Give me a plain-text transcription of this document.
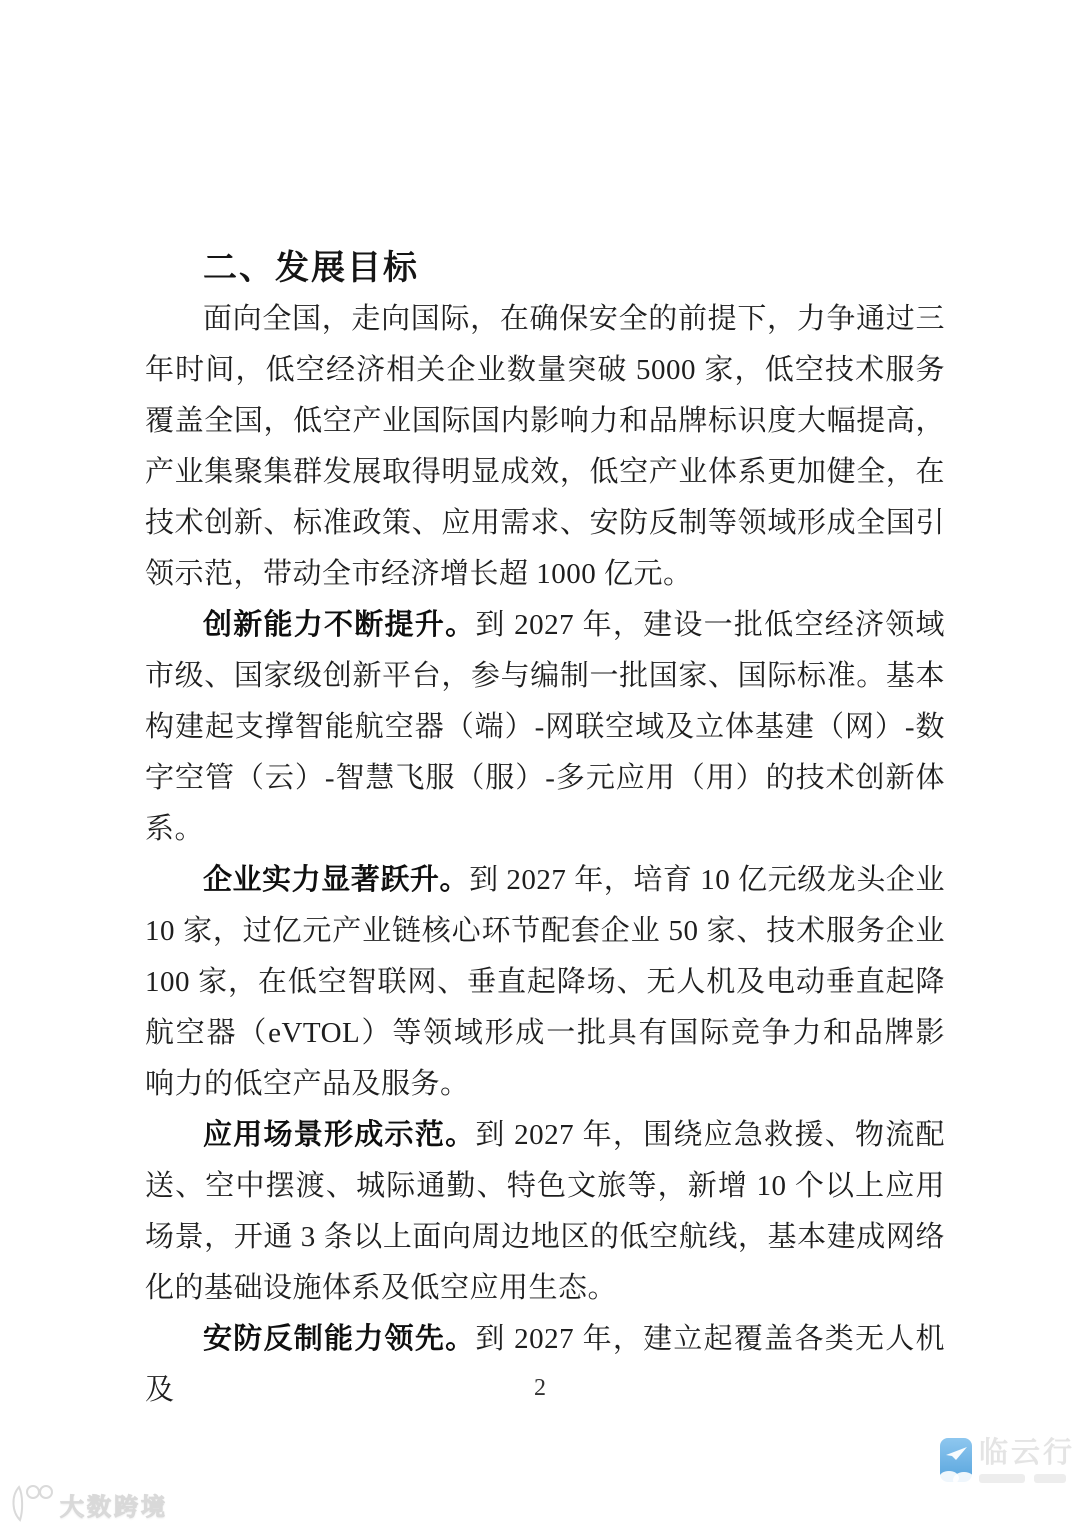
二、发展目标

面向全国，走向国际，在确保安全的前提下，力争通过三年时间，低空经济相关企业数量突破 5000 家，低空技术服务覆盖全国，低空产业国际国内影响力和品牌标识度大幅提高，产业集聚集群发展取得明显成效，低空产业体系更加健全，在技术创新、标准政策、应用需求、安防反制等领域形成全国引领示范，带动全市经济增长超 1000 亿元。

创新能力不断提升。到 2027 年，建设一批低空经济领域市级、国家级创新平台，参与编制一批国家、国际标准。基本构建起支撑智能航空器（端）-网联空域及立体基建（网）-数字空管（云）-智慧飞服（服）-多元应用（用）的技术创新体系。

企业实力显著跃升。到 2027 年，培育 10 亿元级龙头企业 10 家，过亿元产业链核心环节配套企业 50 家、技术服务企业 100 家，在低空智联网、垂直起降场、无人机及电动垂直起降航空器（eVTOL）等领域形成一批具有国际竞争力和品牌影响力的低空产品及服务。

应用场景形成示范。到 2027 年，围绕应急救援、物流配送、空中摆渡、城际通勤、特色文旅等，新增 10 个以上应用场景，开通 3 条以上面向周边地区的低空航线，基本建成网络化的基础设施体系及低空应用生态。

安防反制能力领先。到 2027 年，建立起覆盖各类无人机及	2
大数跨境
临云行
